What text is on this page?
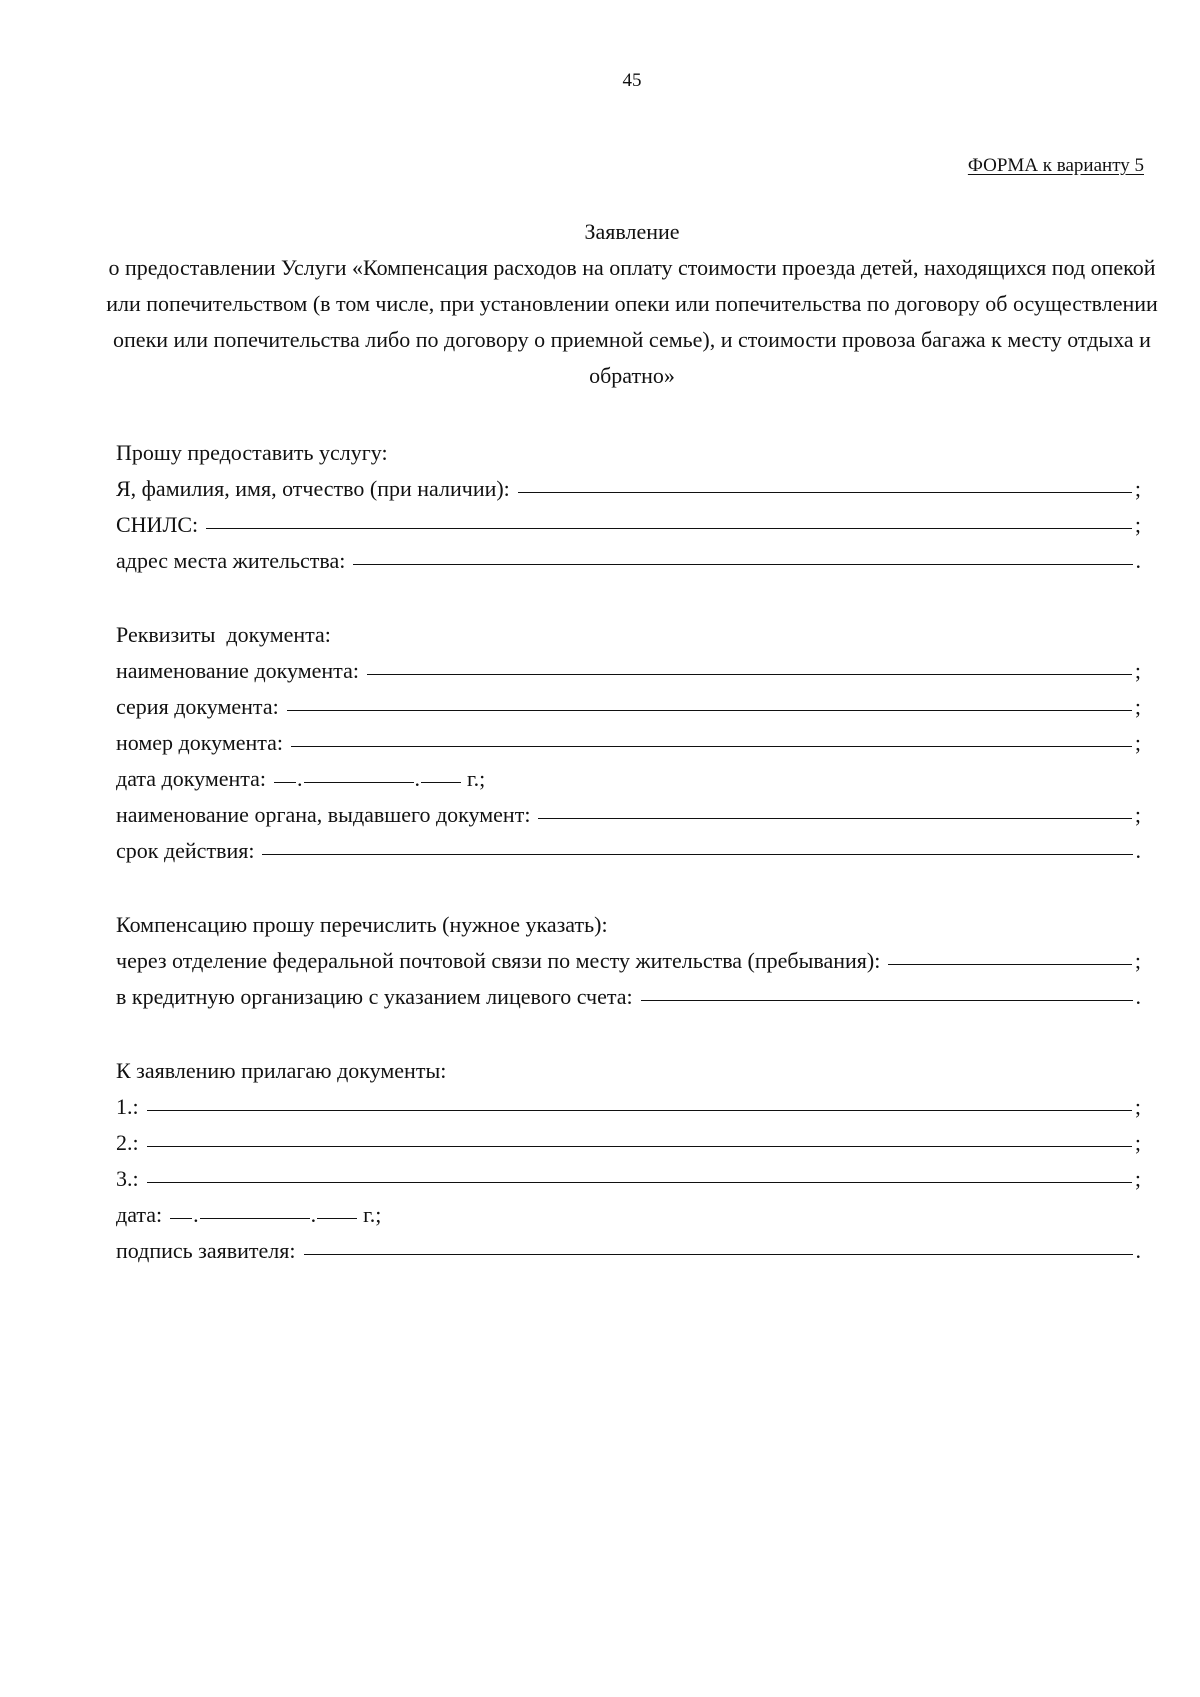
45
ФОРМА к варианту 5
Заявление
о предоставлении Услуги «Компенсация расходов на оплату стоимости проезда детей, находящихся под опекой или попечительством (в том числе, при установлении опеки или попечительства по договору об осуществлении опеки или попечительства либо по договору о приемной семье), и стоимости провоза багажа к месту отдыха и обратно»
Прошу предоставить услугу:
Я, фамилия, имя, отчество (при наличии):	;
СНИЛС:	;
адрес места жительства:	.
Реквизиты  документа:
наименование документа:	;
серия документа:	;
номер документа:	;
дата документа: .	. г.;
наименование органа, выдавшего документ:	;
срок действия:	.
Компенсацию прошу перечислить (нужное указать):
через отделение федеральной почтовой связи по месту жительства (пребывания):	;
в кредитную организацию с указанием лицевого счета:	.
К заявлению прилагаю документы:
1.:	;
2.:	;
3.:	;
дата: .	. г.;
подпись заявителя:	.
